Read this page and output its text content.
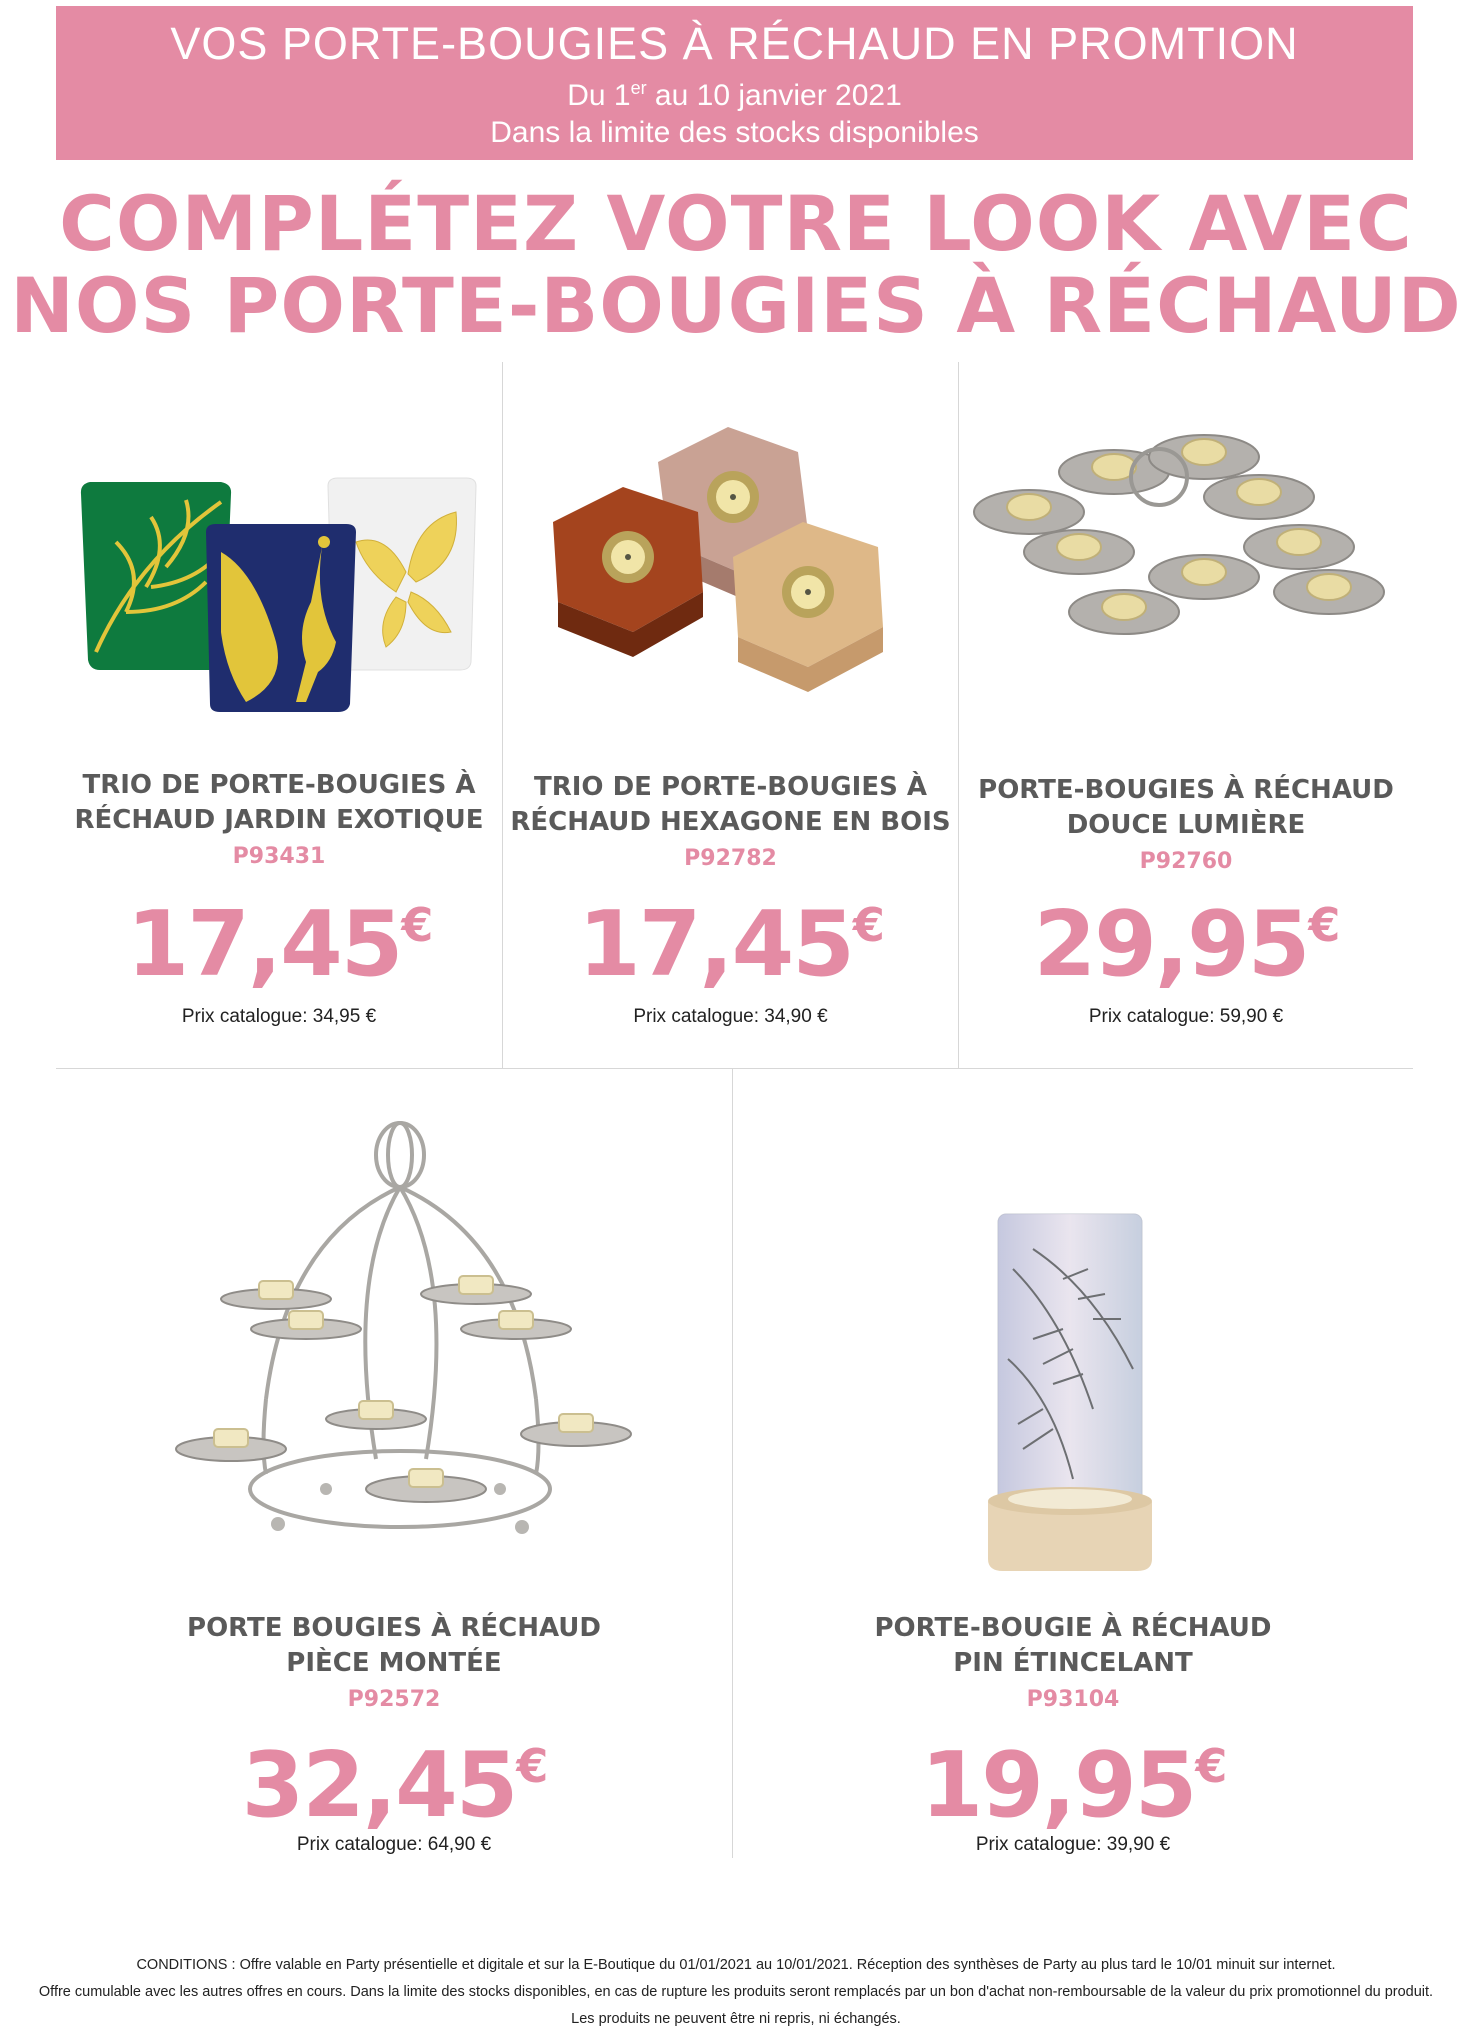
VOS PORTE-BOUGIES À RÉCHAUD EN PROMTION
Du 1er au 10 janvier 2021
Dans la limite des stocks disponibles
COMPLÉTEZ VOTRE LOOK AVEC
NOS PORTE-BOUGIES À RÉCHAUD
TRIO DE PORTE-BOUGIES À
RÉCHAUD JARDIN EXOTIQUE
P93431
17,45€
Prix catalogue: 34,95 €
TRIO DE PORTE-BOUGIES À
RÉCHAUD HEXAGONE EN BOIS
P92782
17,45€
Prix catalogue: 34,90 €
PORTE-BOUGIES À RÉCHAUD
DOUCE LUMIÈRE
P92760
29,95€
Prix catalogue: 59,90 €
PORTE BOUGIES À RÉCHAUD
PIÈCE MONTÉE
P92572
32,45€
Prix catalogue: 64,90 €
PORTE-BOUGIE À RÉCHAUD
PIN ÉTINCELANT
P93104
19,95€
Prix catalogue: 39,90 €
CONDITIONS : Offre valable en Party présentielle et digitale et sur la E-Boutique du 01/01/2021 au 10/01/2021. Réception des synthèses de Party au plus tard le 10/01 minuit sur internet.
Offre cumulable avec les autres offres en cours. Dans la limite des stocks disponibles, en cas de rupture les produits seront remplacés par un bon d'achat non-remboursable de la valeur du prix promotionnel du produit.
Les produits ne peuvent être ni repris, ni échangés.
